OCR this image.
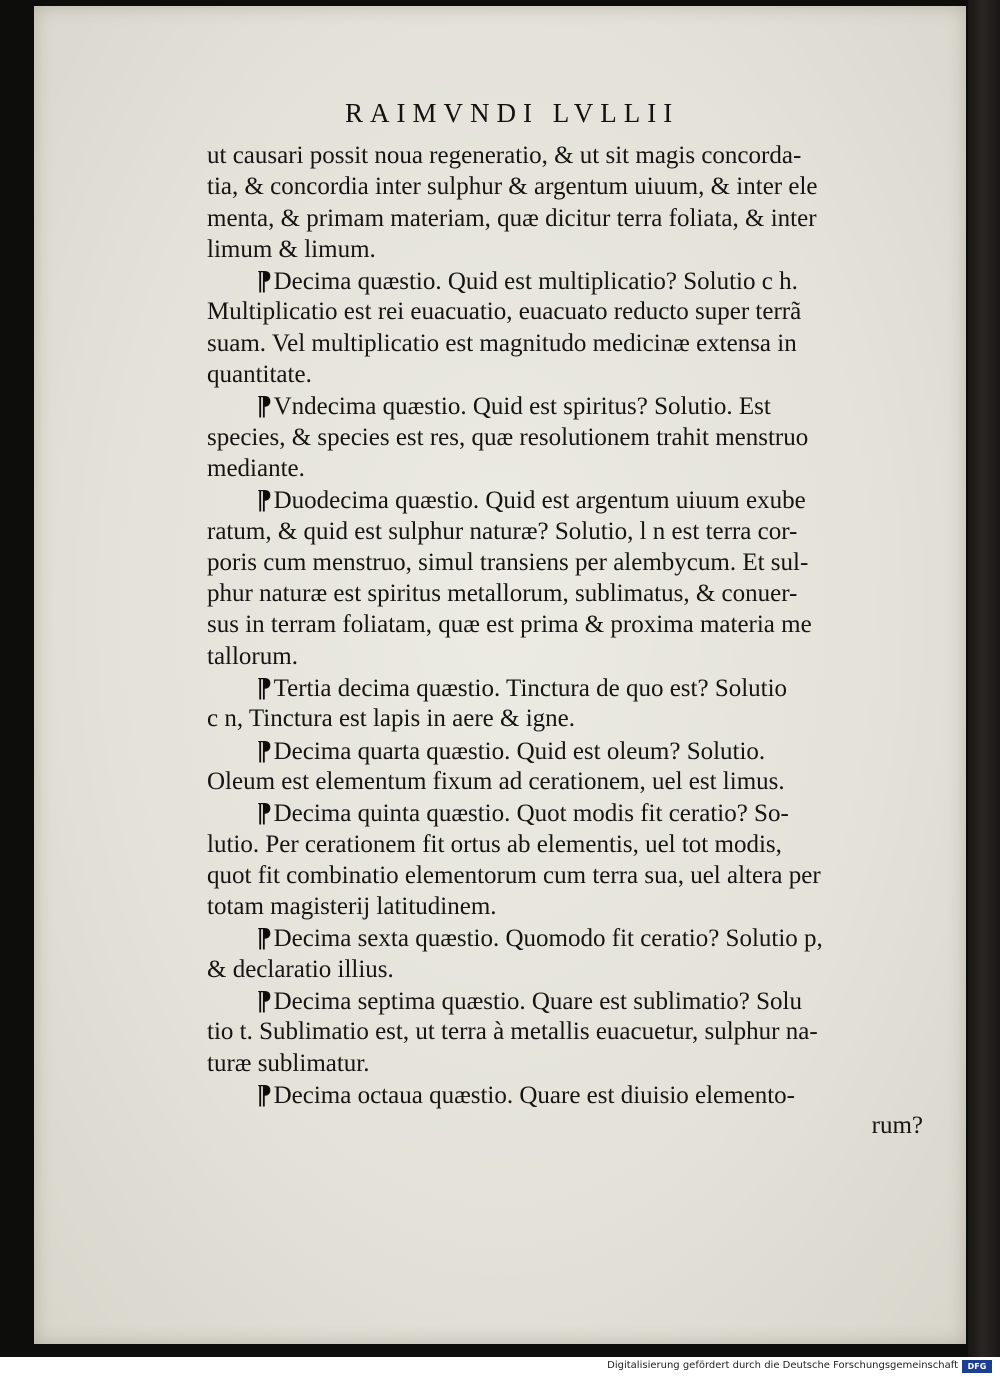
RAIMVNDI LVLLII
ut causari possit noua regeneratio, & ut sit magis concorda-
tia, & concordia inter sulphur & argentum uiuum, & inter ele
menta, & primam materiam, quæ dicitur terra foliata, & inter
limum & limum.
¶Decima quæstio. Quid est multiplicatio? Solutio c h.
Multiplicatio est rei euacuatio, euacuato reducto super terrã
suam. Vel multiplicatio est magnitudo medicinæ extensa in
quantitate.
¶Vndecima quæstio. Quid est spiritus? Solutio. Est
species, & species est res, quæ resolutionem trahit menstruo
mediante.
¶Duodecima quæstio. Quid est argentum uiuum exube
ratum, & quid est sulphur naturæ? Solutio, l n est terra cor-
poris cum menstruo, simul transiens per alembycum. Et sul-
phur naturæ est spiritus metallorum, sublimatus, & conuer-
sus in terram foliatam, quæ est prima & proxima materia me
tallorum.
¶Tertia decima quæstio. Tinctura de quo est? Solutio
c n, Tinctura est lapis in aere & igne.
¶Decima quarta quæstio. Quid est oleum? Solutio.
Oleum est elementum fixum ad cerationem, uel est limus.
¶Decima quinta quæstio. Quot modis fit ceratio? So-
lutio. Per cerationem fit ortus ab elementis, uel tot modis,
quot fit combinatio elementorum cum terra sua, uel altera per
totam magisterij latitudinem.
¶Decima sexta quæstio. Quomodo fit ceratio? Solutio p,
& declaratio illius.
¶Decima septima quæstio. Quare est sublimatio? Solu
tio t. Sublimatio est, ut terra à metallis euacuetur, sulphur na-
turæ sublimatur.
¶Decima octaua quæstio. Quare est diuisio elemento-
rum?
Digitalisierung gefördert durch die Deutsche Forschungsgemeinschaft	DFG
